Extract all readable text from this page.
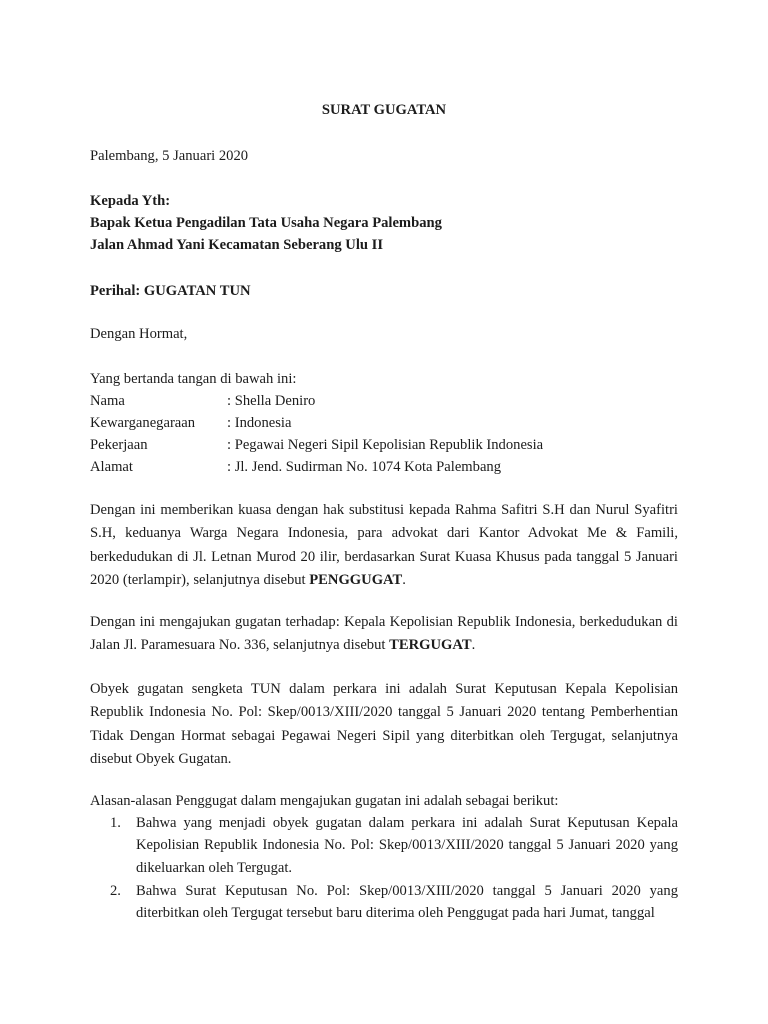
SURAT GUGATAN
Palembang, 5 Januari 2020
Kepada Yth:
Bapak Ketua Pengadilan Tata Usaha Negara Palembang
Jalan Ahmad Yani Kecamatan Seberang Ulu II
Perihal: GUGATAN TUN
Dengan Hormat,
Yang bertanda tangan di bawah ini:
Nama	: Shella Deniro
Kewarganegaraan : Indonesia
Pekerjaan	: Pegawai Negeri Sipil Kepolisian Republik Indonesia
Alamat	: Jl. Jend. Sudirman No. 1074 Kota Palembang
Dengan ini memberikan kuasa dengan hak substitusi kepada Rahma Safitri S.H dan Nurul Syafitri S.H, keduanya Warga Negara Indonesia, para advokat dari Kantor Advokat Me & Famili, berkedudukan di Jl. Letnan Murod 20 ilir, berdasarkan Surat Kuasa Khusus pada tanggal 5 Januari 2020 (terlampir), selanjutnya disebut PENGGUGAT.
Dengan ini mengajukan gugatan terhadap: Kepala Kepolisian Republik Indonesia, berkedudukan di Jalan Jl. Paramesuara No. 336, selanjutnya disebut TERGUGAT.
Obyek gugatan sengketa TUN dalam perkara ini adalah Surat Keputusan Kepala Kepolisian Republik Indonesia No. Pol: Skep/0013/XIII/2020 tanggal 5 Januari 2020 tentang Pemberhentian Tidak Dengan Hormat sebagai Pegawai Negeri Sipil yang diterbitkan oleh Tergugat, selanjutnya disebut Obyek Gugatan.
Alasan-alasan Penggugat dalam mengajukan gugatan ini adalah sebagai berikut:
1. Bahwa yang menjadi obyek gugatan dalam perkara ini adalah Surat Keputusan Kepala Kepolisian Republik Indonesia No. Pol: Skep/0013/XIII/2020 tanggal 5 Januari 2020 yang dikeluarkan oleh Tergugat.
2. Bahwa Surat Keputusan No. Pol: Skep/0013/XIII/2020 tanggal 5 Januari 2020 yang diterbitkan oleh Tergugat tersebut baru diterima oleh Penggugat pada hari Jumat, tanggal
